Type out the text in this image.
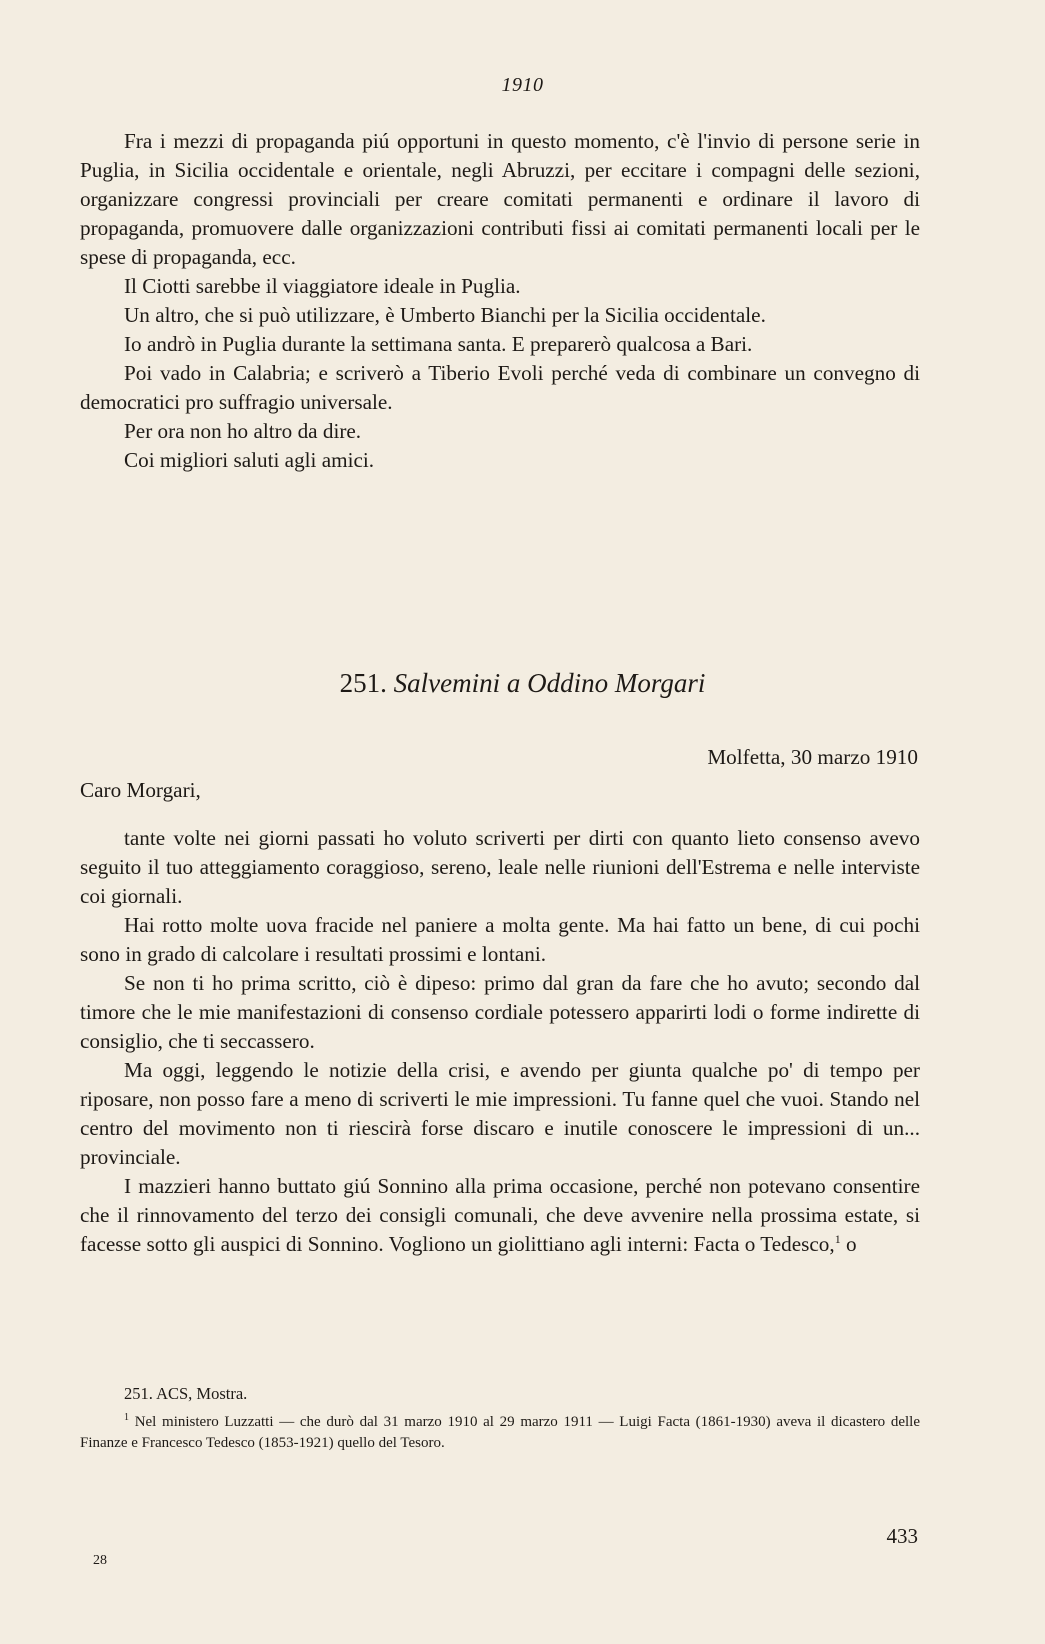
1910

Fra i mezzi di propaganda piú opportuni in questo momento, c'è l'invio di persone serie in Puglia, in Sicilia occidentale e orientale, negli Abruzzi, per eccitare i compagni delle sezioni, organizzare congressi provinciali per creare comitati permanenti e ordinare il lavoro di propaganda, promuovere dalle organizzazioni contributi fissi ai comitati permanenti locali per le spese di propaganda, ecc.

Il Ciotti sarebbe il viaggiatore ideale in Puglia.

Un altro, che si può utilizzare, è Umberto Bianchi per la Sicilia occidentale.

Io andrò in Puglia durante la settimana santa. E preparerò qualcosa a Bari.

Poi vado in Calabria; e scriverò a Tiberio Evoli perché veda di combinare un convegno di democratici pro suffragio universale.

Per ora non ho altro da dire.

Coi migliori saluti agli amici.

251. Salvemini a Oddino Morgari
Molfetta, 30 marzo 1910
Caro Morgari,

tante volte nei giorni passati ho voluto scriverti per dirti con quanto lieto consenso avevo seguito il tuo atteggiamento coraggioso, sereno, leale nelle riunioni dell'Estrema e nelle interviste coi giornali.

Hai rotto molte uova fracide nel paniere a molta gente. Ma hai fatto un bene, di cui pochi sono in grado di calcolare i resultati prossimi e lontani.

Se non ti ho prima scritto, ciò è dipeso: primo dal gran da fare che ho avuto; secondo dal timore che le mie manifestazioni di consenso cordiale potessero apparirti lodi o forme indirette di consiglio, che ti seccassero.

Ma oggi, leggendo le notizie della crisi, e avendo per giunta qualche po' di tempo per riposare, non posso fare a meno di scriverti le mie impressioni. Tu fanne quel che vuoi. Stando nel centro del movimento non ti riescirà forse discaro e inutile conoscere le impressioni di un... provinciale.

I mazzieri hanno buttato giú Sonnino alla prima occasione, perché non potevano consentire che il rinnovamento del terzo dei consigli comunali, che deve avvenire nella prossima estate, si facesse sotto gli auspici di Sonnino. Vogliono un giolittiano agli interni: Facta o Tedesco,$^1$ o

251. ACS, Mostra.

$^1$ Nel ministero Luzzatti — che durò dal 31 marzo 1910 al 29 marzo 1911 — Luigi Facta (1861-1930) aveva il dicastero delle Finanze e Francesco Tedesco (1853-1921) quello del Tesoro.

433
28
